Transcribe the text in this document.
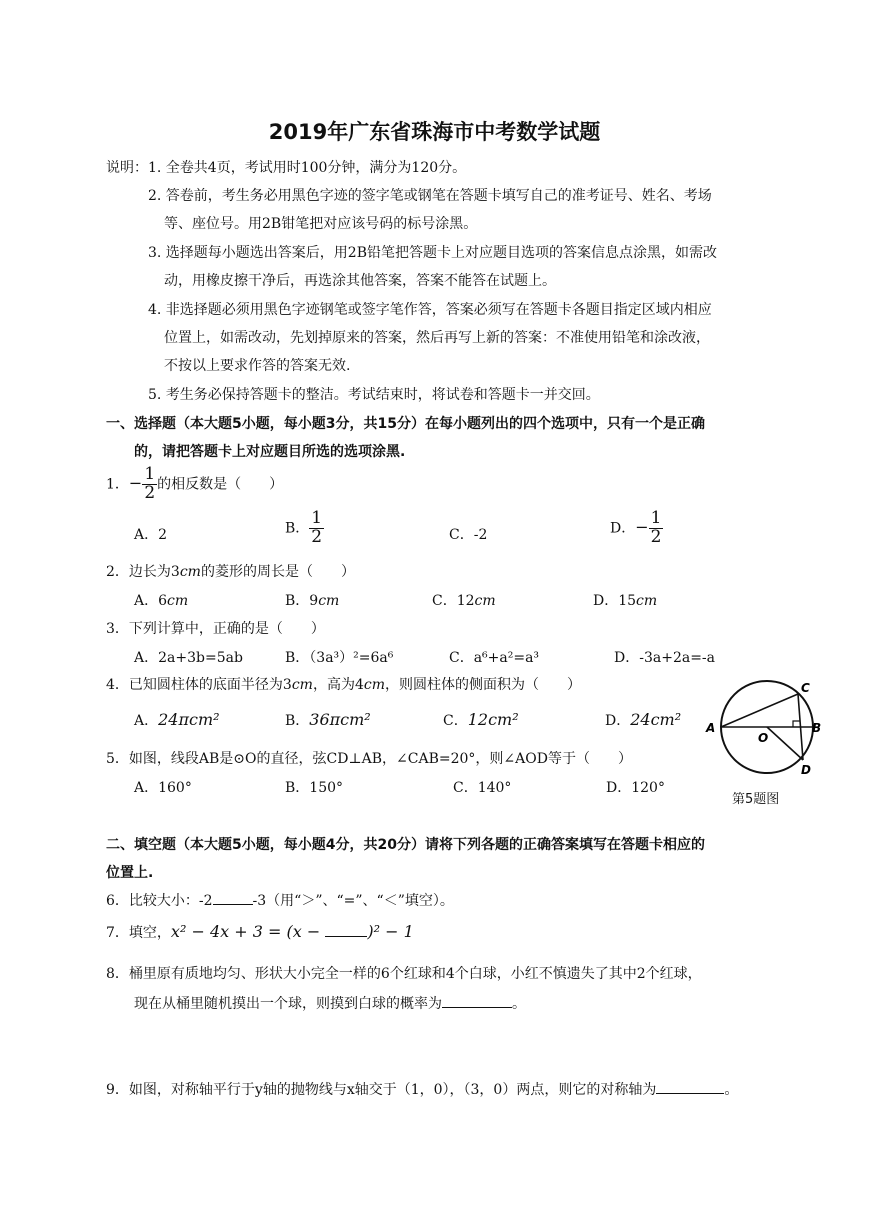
2019年广东省珠海市中考数学试题
说明： 1. 全卷共4页，考试用时100分钟，满分为120分。
2. 答卷前，考生务必用黑色字迹的签字笔或钢笔在答题卡填写自己的准考证号、姓名、考场
等、座位号。用2B钳笔把对应该号码的标号涂黑。
3. 选择题每小题选出答案后，用2B铅笔把答题卡上对应题目选项的答案信息点涂黑，如需改
动，用橡皮擦干净后，再选涂其他答案，答案不能答在试题上。
4. 非选择题必须用黑色字迹钢笔或签字笔作答，答案必须写在答题卡各题目指定区域内相应
位置上，如需改动，先划掉原来的答案，然后再写上新的答案：不准使用铅笔和涂改液，
不按以上要求作答的答案无效.
5. 考生务必保持答题卡的整洁。考试结束时，将试卷和答题卡一并交回。
一、选择题（本大题5小题，每小题3分，共15分）在每小题列出的四个选项中，只有一个是正确
的，请把答题卡上对应题目所选的选项涂黑.
1．− $\frac{1}{2}$ 的相反数是（　　）
A．2	B． $\frac{1}{2}$	C．-2	D．− $\frac{1}{2}$
2．边长为3cm的菱形的周长是（　　）
A．6cm	B．9cm	C．12cm	D．15cm
3．下列计算中，正确的是（　　）
A．2a+3b=5ab	B．（3a³）²=6a⁶	C．a⁶+a²=a³	D．-3a+2a=-a
4．已知圆柱体的底面半径为3cm，高为4cm，则圆柱体的侧面积为（　　）
A．24πcm²	B．36πcm²	C．12cm²	D．24cm²
5．如图，线段AB是⊙O的直径，弦CD⊥AB，∠CAB=20°，则∠AOD等于（　　）
A．160°	B．150°	C．140°	D．120°
A
C
B
D
O
第5题图
二、填空题（本大题5小题，每小题4分，共20分）请将下列各题的正确答案填写在答题卡相应的
位置上.
6．比较大小：-2	-3（用“＞”、“=”、“＜”填空）。
7．填空，x² − 4x + 3 = (x −	)² − 1
8．桶里原有质地均匀、形状大小完全一样的6个红球和4个白球，小红不慎遗失了其中2个红球，
现在从桶里随机摸出一个球，则摸到白球的概率为	。
9．如图，对称轴平行于y轴的抛物线与x轴交于（1，0），（3，0）两点，则它的对称轴为	。
